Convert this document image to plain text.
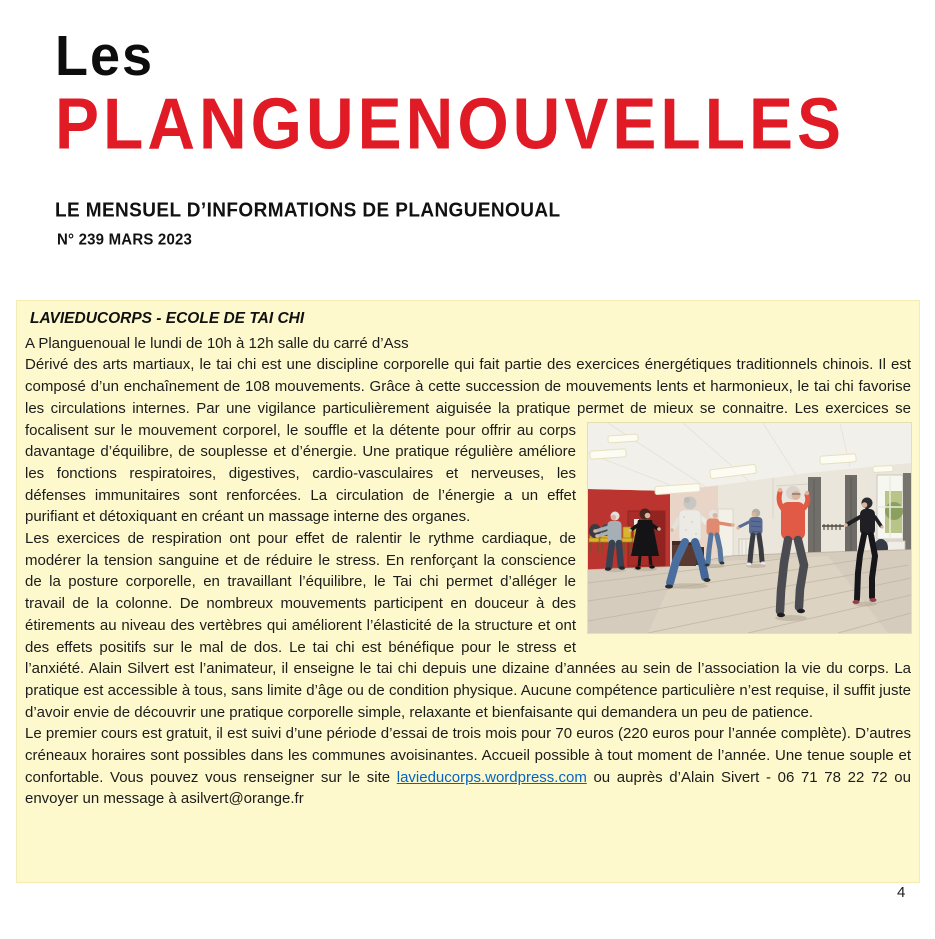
Les
PLANGUENOUVELLES
LE MENSUEL D’INFORMATIONS DE PLANGUENOUAL
N° 239 MARS 2023
LAVIEDUCORPS - ECOLE DE TAI CHI

A Planguenoual le lundi de 10h à 12h salle du carré d’Ass

Dérivé des arts martiaux, le tai chi est une discipline corporelle qui fait partie des exercices énergétiques traditionnels chinois. Il est composé d’un enchaînement de 108 mouvements. Grâce à cette succession de mouvements lents et harmonieux, le tai chi favorise les circulations internes. Par une vigilance particulièrement aiguisée la pratique permet de mieux se connaitre. Les exercices se focalisent sur le mouvement corporel, le souffle
et la détente pour offrir au corps davantage d’équilibre, de souplesse et d’énergie. Une pratique régulière améliore les fonctions respiratoires, digestives, cardio-vasculaires et nerveuses, les défenses immunitaires sont renforcées. La circulation de l’énergie a un effet purifiant et détoxiquant en créant un massage interne des organes.

Les exercices de respiration ont pour effet de ralentir le rythme cardiaque, de modérer la tension sanguine et de réduire le stress. En renforçant la conscience de la posture corporelle, en travaillant l’équilibre, le Tai chi permet d’alléger le travail de la colonne. De nombreux mouvements participent en douceur à des étirements au niveau des vertèbres qui améliorent l’élasticité de la structure et ont des effets positifs sur le mal de dos. Le tai chi est bénéfique pour le stress et l’anxiété. Alain Silvert est l’animateur, il enseigne le tai chi depuis une dizaine d’années au sein de l’association la vie du corps. La pratique est accessible à tous, sans limite d’âge ou de condition physique. Aucune compétence particulière n’est requise, il suffit juste d’avoir envie de découvrir une pratique corporelle simple, relaxante et bienfaisante qui demandera un peu de patience.

Le premier cours est gratuit, il est suivi d’une période d’essai de trois mois pour 70 euros (220 euros pour l’année complète). D’autres créneaux horaires sont possibles dans les communes avoisinantes. Accueil possible à tout moment de l’année. Une tenue souple et confortable. Vous pouvez vous renseigner sur le site lavieducorps.wordpress.com ou auprès d’Alain Sivert - 06 71 78 22 72 ou envoyer un message à asilvert@orange.fr

4
